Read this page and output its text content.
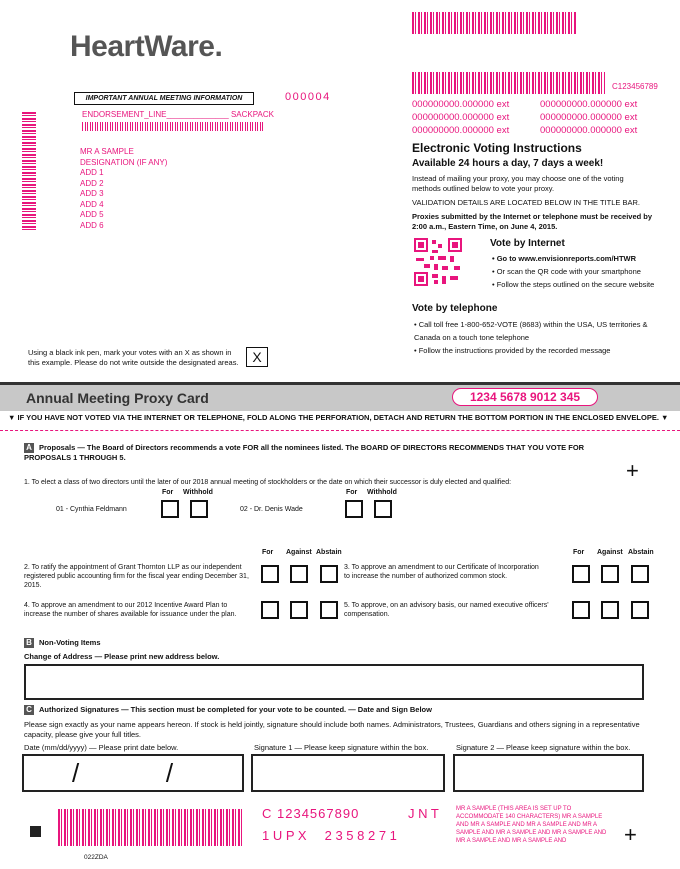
C123456789
HeartWare.
IMPORTANT ANNUAL MEETING INFORMATION	000004
ENDORSEMENT_LINE______________ SACKPACK
MR A SAMPLE
DESIGNATION (IF ANY)
ADD 1
ADD 2
ADD 3
ADD 4
ADD 5
ADD 6
000000000.000000 ext
000000000.000000 ext
000000000.000000 ext
000000000.000000 ext
000000000.000000 ext
000000000.000000 ext
Electronic Voting Instructions
Available 24 hours a day, 7 days a week!
Instead of mailing your proxy, you may choose one of the voting methods outlined below to vote your proxy.
VALIDATION DETAILS ARE LOCATED BELOW IN THE TITLE BAR.
Proxies submitted by the Internet or telephone must be received by 2:00 a.m., Eastern Time, on June 4, 2015.
Vote by Internet
• Go to www.envisionreports.com/HTWR
• Or scan the QR code with your smartphone
• Follow the steps outlined on the secure website
Vote by telephone
• Call toll free 1-800-652-VOTE (8683) within the USA, US territories & Canada on a touch tone telephone
• Follow the instructions provided by the recorded message
Using a black ink pen, mark your votes with an X as shown in this example. Please do not write outside the designated areas. X
Annual Meeting Proxy Card	1234 5678 9012 345
▼ IF YOU HAVE NOT VOTED VIA THE INTERNET OR TELEPHONE, FOLD ALONG THE PERFORATION, DETACH AND RETURN THE BOTTOM PORTION IN THE ENCLOSED ENVELOPE. ▼
A Proposals — The Board of Directors recommends a vote FOR all the nominees listed. The BOARD OF DIRECTORS RECOMMENDS THAT YOU VOTE FOR PROPOSALS 1 THROUGH 5.
+
1. To elect a class of two directors until the later of our 2018 annual meeting of stockholders or the date on which their successor is duly elected and qualified:
For Withhold	For Withhold
01 - Cynthia Feldmann	02 - Dr. Denis Wade
For Against Abstain	For Against Abstain
2. To ratify the appointment of Grant Thornton LLP as our independent registered public accounting firm for the fiscal year ending December 31, 2015.
3. To approve an amendment to our Certificate of Incorporation to increase the number of authorized common stock.
4. To approve an amendment to our 2012 Incentive Award Plan to increase the number of shares available for issuance under the plan.
5. To approve, on an advisory basis, our named executive officers' compensation.
B Non-Voting Items
Change of Address — Please print new address below.
C Authorized Signatures — This section must be completed for your vote to be counted. — Date and Sign Below
Please sign exactly as your name appears hereon. If stock is held jointly, signature should include both names. Administrators, Trustees, Guardians and others signing in a representative capacity, please give your full titles.
Date (mm/dd/yyyy) — Please print date below.	Signature 1 — Please keep signature within the box.	Signature 2 — Please keep signature within the box.
/            /
C 1234567890	J N T
1 U P X     2 3 5 8 2 7 1
MR A SAMPLE (THIS AREA IS SET UP TO ACCOMMODATE 140 CHARACTERS) MR A SAMPLE AND MR A SAMPLE AND MR A SAMPLE AND MR A SAMPLE AND MR A SAMPLE AND MR A SAMPLE AND MR A SAMPLE AND MR A SAMPLE AND	+
022ZDA
